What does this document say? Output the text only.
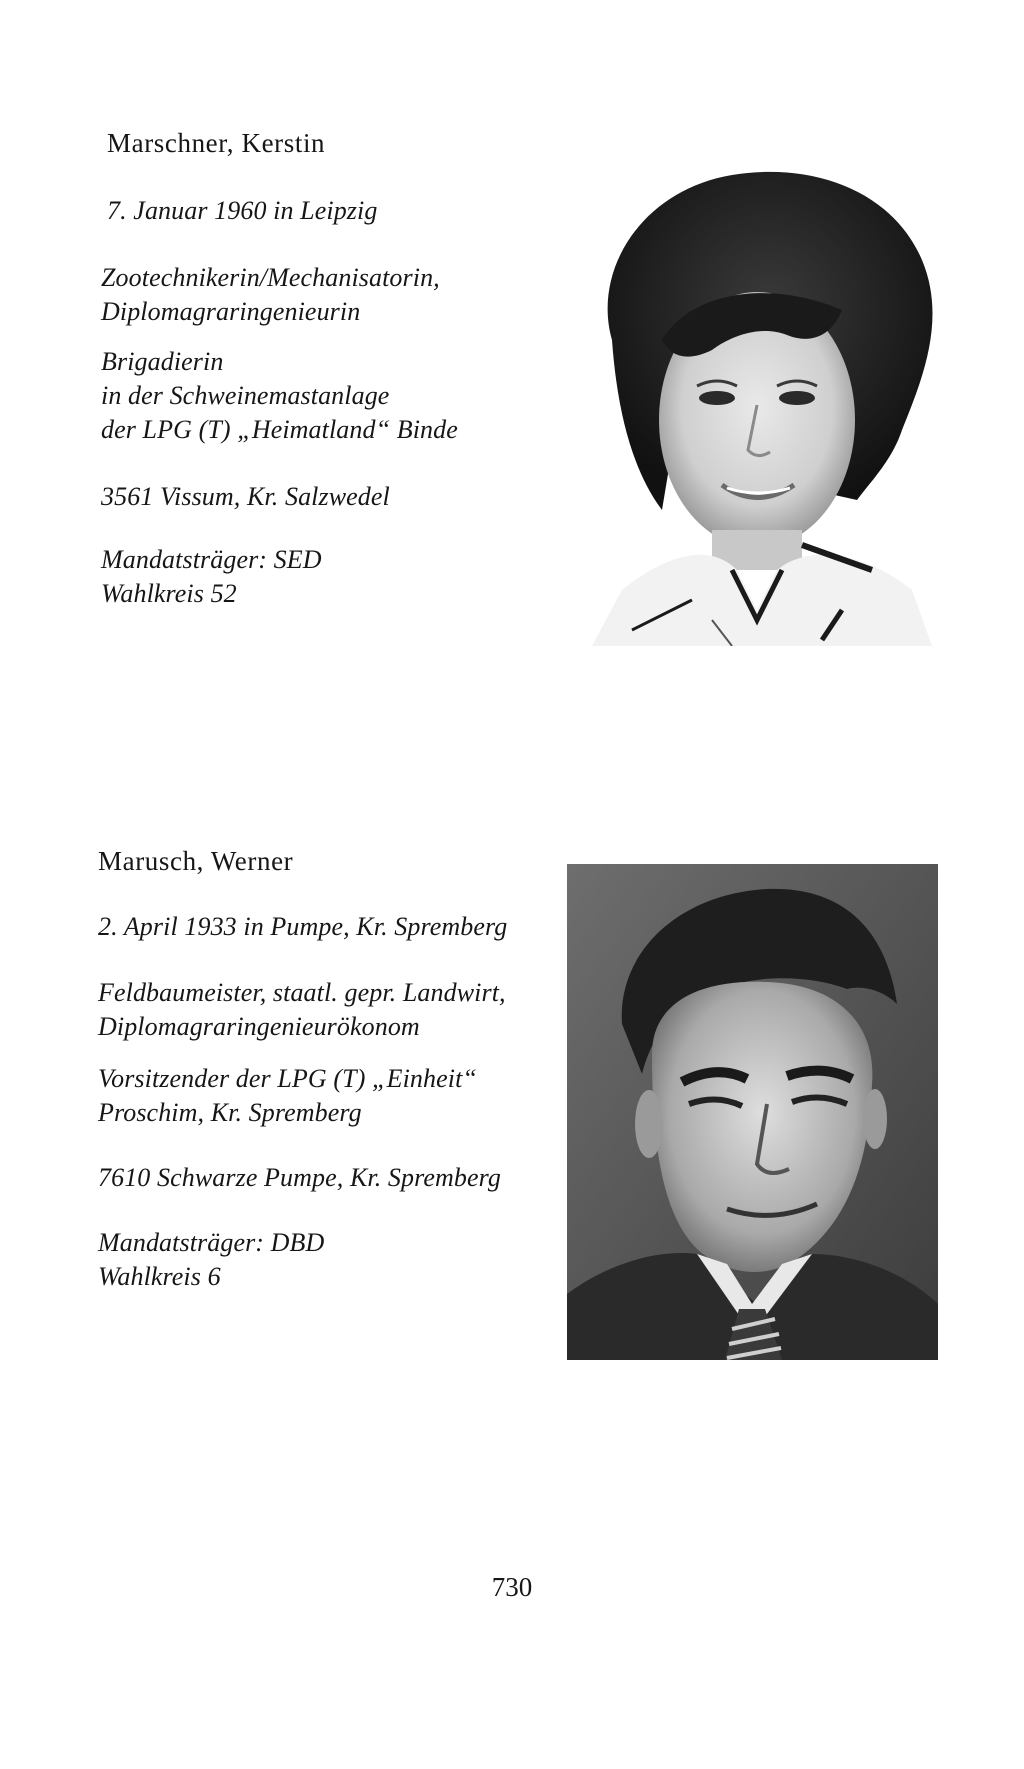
Marschner, Kerstin
7. Januar 1960 in Leipzig
Zootechnikerin/Mechanisatorin,
Diplomagraringenieurin
Brigadierin
in der Schweinemastanlage
der LPG (T) „Heimatland“ Binde
3561 Vissum, Kr. Salzwedel
Mandatsträger: SED
Wahlkreis 52
Marusch, Werner
2. April 1933 in Pumpe, Kr. Spremberg
Feldbaumeister, staatl. gepr. Landwirt,
Diplomagraringenieurökonom
Vorsitzender der LPG (T) „Einheit“
Proschim, Kr. Spremberg
7610 Schwarze Pumpe, Kr. Spremberg
Mandatsträger: DBD
Wahlkreis 6
730
